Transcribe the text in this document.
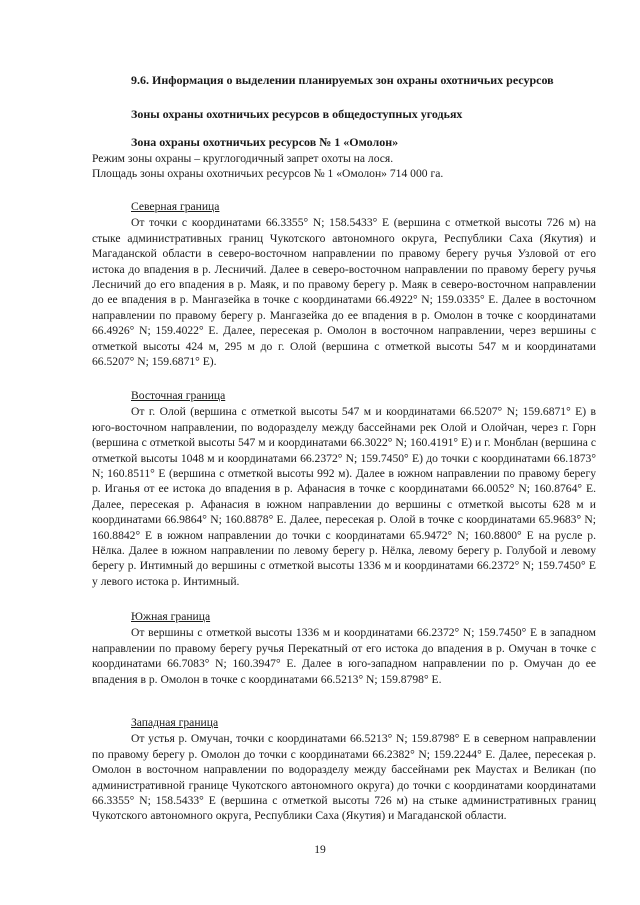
9.6. Информация о выделении планируемых зон охраны охотничьих ресурсов
Зоны охраны охотничьих ресурсов в общедоступных угодьях
Зона охраны охотничьих ресурсов № 1 «Омолон»
Режим зоны охраны – круглогодичный запрет охоты на лося.
Площадь зоны охраны охотничьих ресурсов № 1 «Омолон» 714 000 га.
Северная граница

От точки с координатами 66.3355° N; 158.5433° E (вершина с отметкой высоты 726 м) на стыке административных границ Чукотского автономного округа, Республики Саха (Якутия) и Магаданской области в северо-восточном направлении по правому берегу ручья Узловой от его истока до впадения в р. Лесничий. Далее в северо-восточном направлении по правому берегу ручья Лесничий до его впадения в р. Маяк, и по правому берегу р. Маяк в северо-восточном направлении до ее впадения в р. Мангазейка в точке с координатами 66.4922° N; 159.0335° E. Далее в восточном направлении по правому берегу р. Мангазейка до ее впадения в р. Омолон в точке с координатами 66.4926° N; 159.4022° E. Далее, пересекая р. Омолон в восточном направлении, через вершины с отметкой высоты 424 м, 295 м до г. Олой (вершина с отметкой высоты 547 м и координатами 66.5207° N; 159.6871° E).

Восточная граница

От г. Олой (вершина с отметкой высоты 547 м и координатами 66.5207° N; 159.6871° E) в юго-восточном направлении, по водоразделу между бассейнами рек Олой и Олойчан, через г. Горн (вершина с отметкой высоты 547 м и координатами 66.3022° N; 160.4191° E) и г. Монблан (вершина с отметкой высоты 1048 м и координатами 66.2372° N; 159.7450° E) до точки с координатами 66.1873° N; 160.8511° E (вершина с отметкой высоты 992 м). Далее в южном направлении по правому берегу р. Иганья от ее истока до впадения в р. Афанасия в точке с координатами 66.0052° N; 160.8764° E. Далее, пересекая р. Афанасия в южном направлении до вершины с отметкой высоты 628 м и координатами 66.9864° N; 160.8878° E. Далее, пересекая р. Олой в точке с координатами 65.9683° N; 160.8842° E в южном направлении до точки с координатами 65.9472° N; 160.8800° E на русле р. Нёлка. Далее в южном направлении по левому берегу р. Нёлка, левому берегу р. Голубой и левому берегу р. Интимный до вершины с отметкой высоты 1336 м и координатами 66.2372° N; 159.7450° E у левого истока р. Интимный.

Южная граница

От вершины с отметкой высоты 1336 м и координатами 66.2372° N; 159.7450° E в западном направлении по правому берегу ручья Перекатный от его истока до впадения в р. Омучан в точке с координатами 66.7083° N; 160.3947° E. Далее в юго-западном направлении по р. Омучан до ее впадения в р. Омолон в точке с координатами 66.5213° N; 159.8798° E.

Западная граница

От устья р. Омучан, точки с координатами 66.5213° N; 159.8798° E в северном направлении по правому берегу р. Омолон до точки с координатами 66.2382° N; 159.2244° E. Далее, пересекая р. Омолон в восточном направлении по водоразделу между бассейнами рек Маустах и Великан (по административной границе Чукотского автономного округа) до точки с координатами координатами 66.3355° N; 158.5433° E (вершина с отметкой высоты 726 м) на стыке административных границ Чукотского автономного округа, Республики Саха (Якутия) и Магаданской области.

19
